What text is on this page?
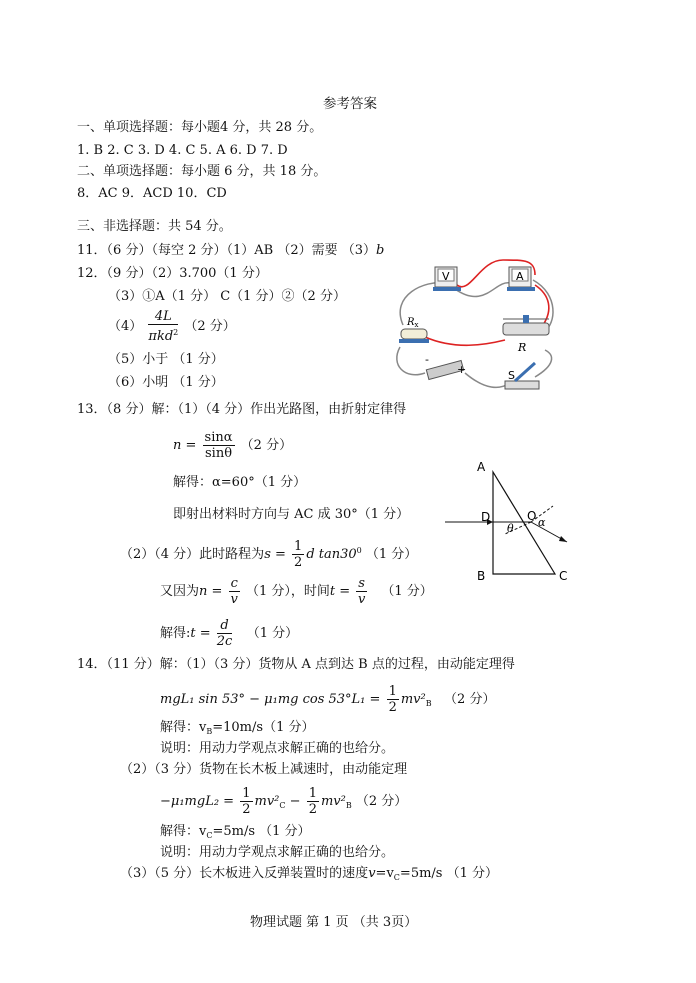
参考答案
一、单项选择题：每小题4 分，共 28 分。
1. B 2. C 3. D 4. C 5. A 6. D 7. D
二、单项选择题：每小题 6 分，共 18 分。
8．AC 9．ACD 10．CD
三、非选择题：共 54 分。
11．（6 分）（每空 2 分）（1）AB （2）需要 （3）b
12．（9 分）（2）3.700（1 分）
（3）①A（1 分） C（1 分）②（2 分）
$(4) \frac{4L}{\pi kd^2} (2$ 分）
（5）小于 （1 分）
（6）小明 （1 分）
V	A
$R_x$
R
-
+	S
13．（8 分）解：（1）（4 分）作出光路图，由折射定律得
$n = \frac{\sin\alpha}{\sin\theta} (2$ 分）
解得：α=60°（1 分）
即射出材料时方向与 AC 成 30°（1 分）
（2）（4 分）此时路程为$s = \frac{1}{2}$ d $\tan 30^0$ （1 分）
又因为$n = \frac{c}{v} (1$ 分），时间$t = \frac{s}{v} (1$ 分）
解得:t = $\frac{d}{2c} (1$ 分）
A
B	C
D	O
θ α
14．（11 分）解：（1）（3 分）货物从 A 点到达 B 点的过程，由动能定理得
mgL₁ sin 53° − μ₁mg $\cos 53^\circ L_1 = \frac{1}{2} mv^2_B$ （2 分）
解得：$v_B=10m/s(1$ 分）
说明：用动力学观点求解正确的也给分。
（2）（3 分）货物在长木板上减速时，由动能定理
$-\mu_1mgL_2 = \frac{1}{2} mv^2_C - \frac{1}{2} mv^2_B$ （2 分）
解得：$v_C=5m/s$ （1 分）
说明：用动力学观点求解正确的也给分。
（3）（5 分）长木板进入反弹装置时的速度$v=v_C=5m/s$ （1 分）
物理试题 第 1 页 （共 3页）
